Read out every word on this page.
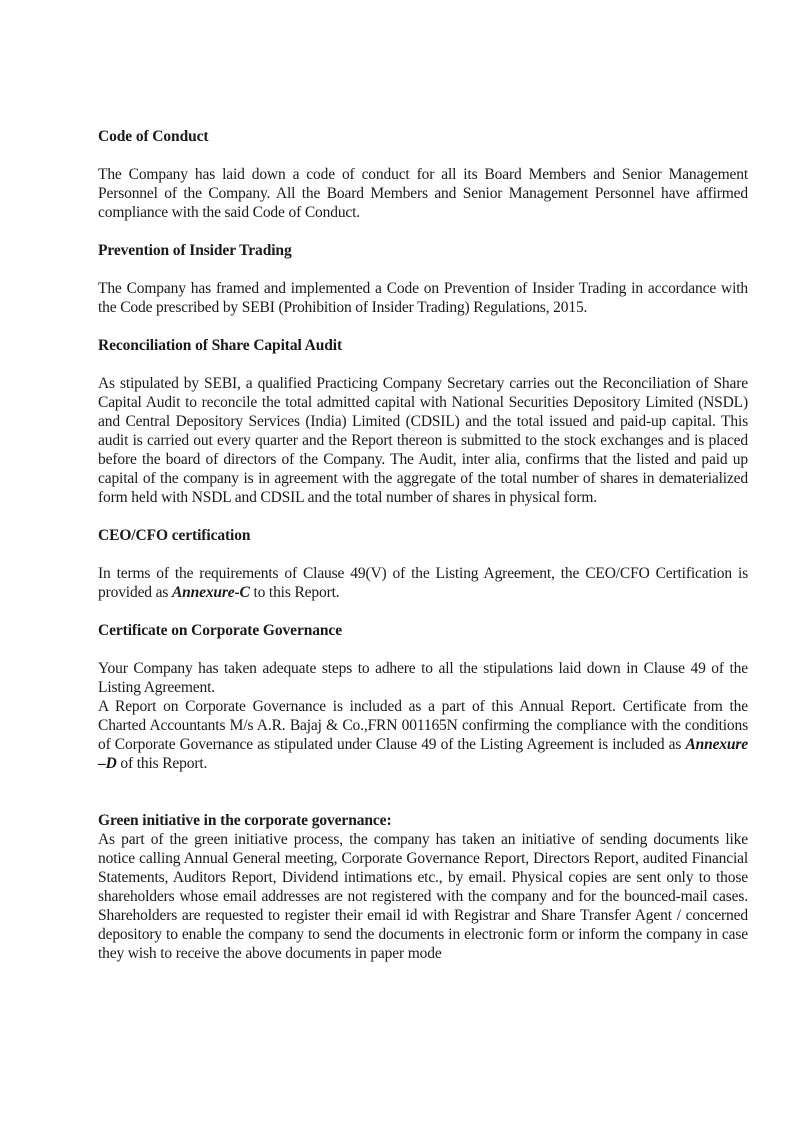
Code of Conduct

The Company has laid down a code of conduct for all its Board Members and Senior Management Personnel of the Company. All the Board Members and Senior Management Personnel have affirmed compliance with the said Code of Conduct.

Prevention of Insider Trading

The Company has framed and implemented a Code on Prevention of Insider Trading in accordance with the Code prescribed by SEBI (Prohibition of Insider Trading) Regulations, 2015.

Reconciliation of Share Capital Audit

As stipulated by SEBI, a qualified Practicing Company Secretary carries out the Reconciliation of Share Capital Audit to reconcile the total admitted capital with National Securities Depository Limited (NSDL) and Central Depository Services (India) Limited (CDSIL) and the total issued and paid-up capital. This audit is carried out every quarter and the Report thereon is submitted to the stock exchanges and is placed before the board of directors of the Company. The Audit, inter alia, confirms that the listed and paid up capital of the company is in agreement with the aggregate of the total number of shares in dematerialized form held with NSDL and CDSIL and the total number of shares in physical form.

CEO/CFO certification

In terms of the requirements of Clause 49(V) of the Listing Agreement, the CEO/CFO Certification is provided as Annexure-C to this Report.

Certificate on Corporate Governance

Your Company has taken adequate steps to adhere to all the stipulations laid down in Clause 49 of the Listing Agreement.

A Report on Corporate Governance is included as a part of this Annual Report. Certificate from the Charted Accountants M/s A.R. Bajaj & Co.,FRN 001165N confirming the compliance with the conditions of Corporate Governance as stipulated under Clause 49 of the Listing Agreement is included as Annexure –D of this Report.

Green initiative in the corporate governance:

As part of the green initiative process, the company has taken an initiative of sending documents like notice calling Annual General meeting, Corporate Governance Report, Directors Report, audited Financial Statements, Auditors Report, Dividend intimations etc., by email. Physical copies are sent only to those shareholders whose email addresses are not registered with the company and for the bounced-mail cases. Shareholders are requested to register their email id with Registrar and Share Transfer Agent / concerned depository to enable the company to send the documents in electronic form or inform the company in case they wish to receive the above documents in paper mode
